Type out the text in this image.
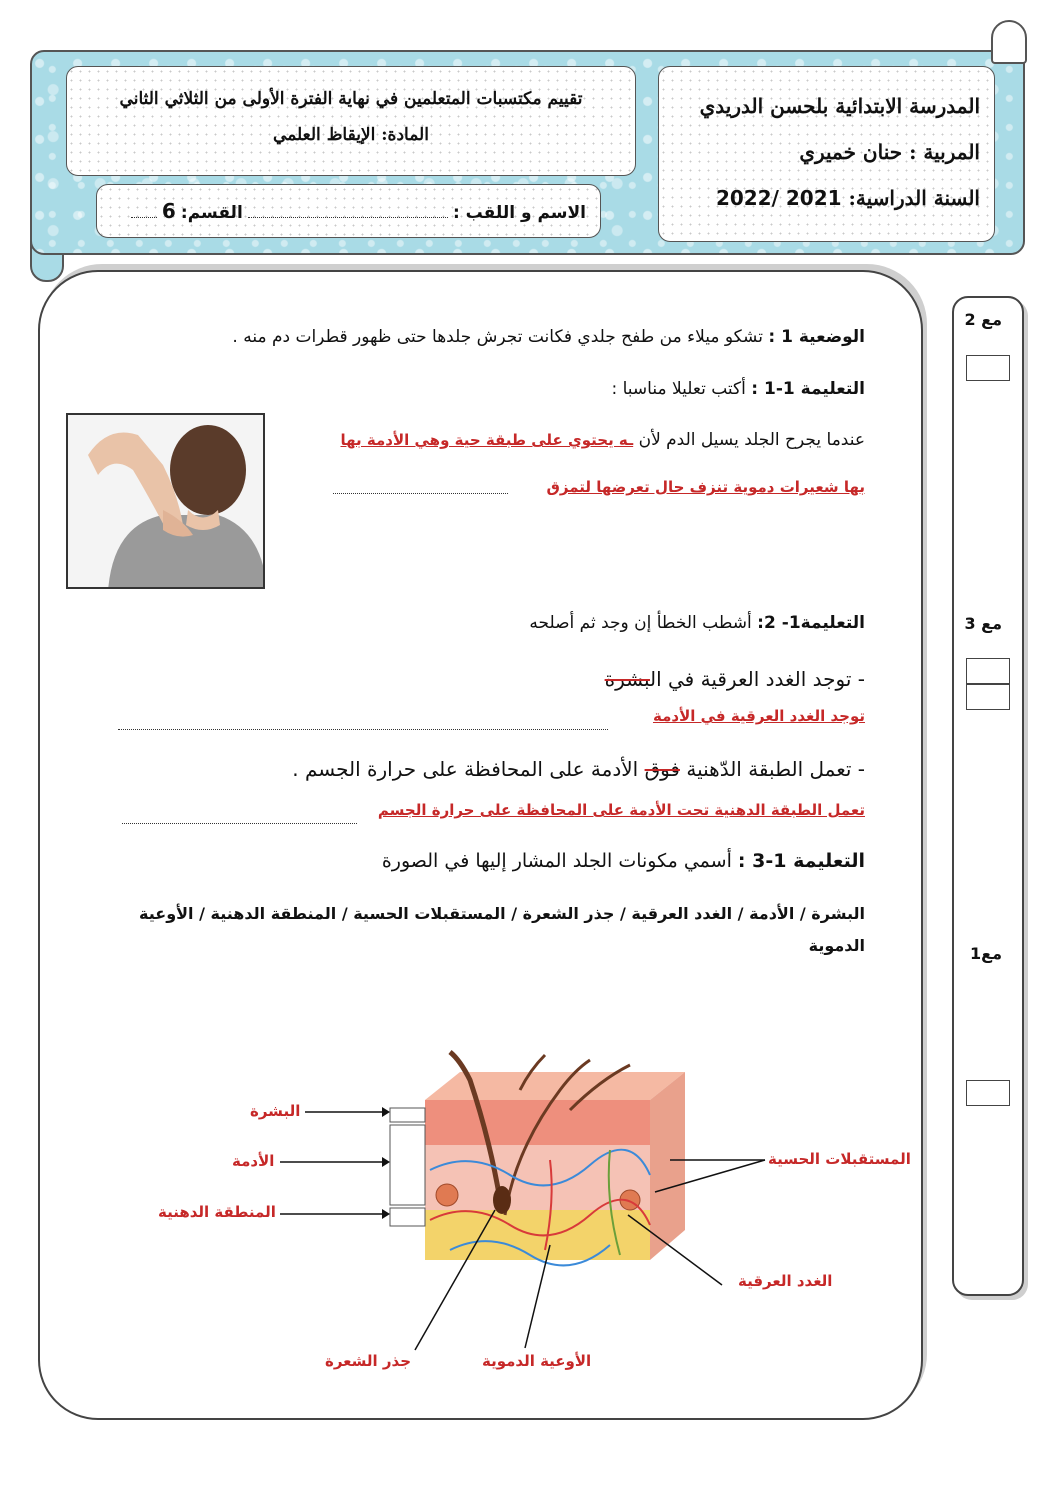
المدرسة الابتدائية بلحسن الدريدي
المربية : حنان خميري
السنة الدراسية: 2022/ 2021
تقييم مكتسبات المتعلمين في نهاية الفترة الأولى من الثلاثي الثاني
المادة: الإيقاظ العلمي
الاسم و اللقب :  القسم: 6
مع 2
مع 3
مع1
الوضعية 1 : تشكو ميلاء من طفح جلدي فكانت تجرش جلدها حتى ظهور قطرات دم منه .
التعليمة 1-1 : أكتب تعليلا مناسبا :
عندما يجرح الجلد يسيل الدم لأن ـه يحتوي على طبقة حية وهي الأدمة بها
بها شعيرات دموية تنزف حال تعرضها لتمزق
التعليمة1- 2: أشطب الخطأ إن وجد ثم أصلحه
- توجد الغدد العرقية في البشرة
توجد الغدد العرقية في الأدمة
- تعمل الطبقة الدّهنية فوق الأدمة على المحافظة على حرارة الجسم .
تعمل الطبقة الدهنية تحت الأدمة على المحافظة على حرارة الجسم
التعليمة 1-3 : أسمي مكونات الجلد المشار إليها في الصورة
البشرة / الأدمة / الغدد العرقية / جذر الشعرة / المستقبلات الحسية / المنطقة الدهنية / الأوعية الدموية
البشرة
الأدمة
المنطقة الدهنية
المستقبلات الحسية
الغدد العرقية
جذر الشعرة	الأوعية الدموية
